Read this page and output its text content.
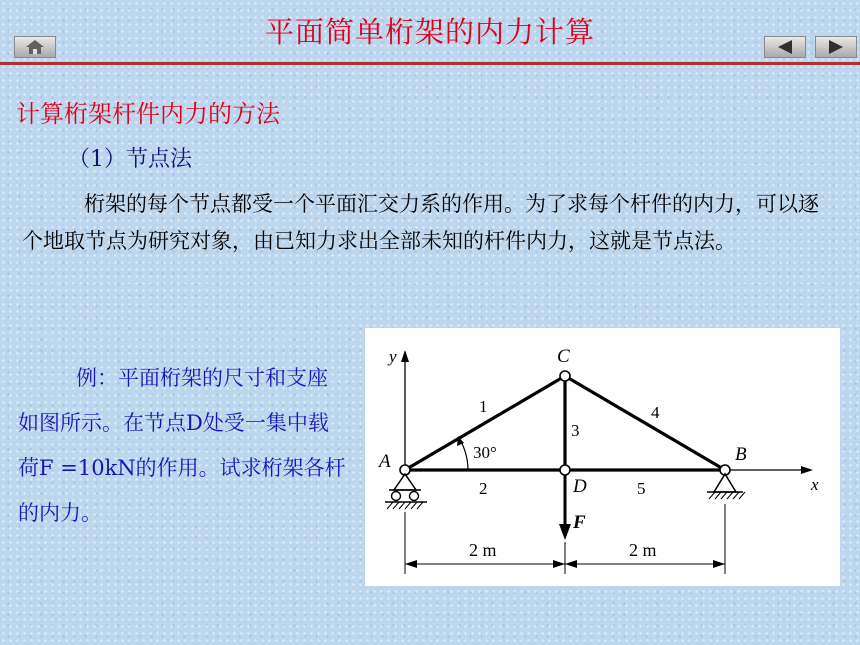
平面简单桁架的内力计算
计算桁架杆件内力的方法
（1）节点法
桁架的每个节点都受一个平面汇交力系的作用。为了求每个杆件的内力，可以逐个地取节点为研究对象，由已知力求出全部未知的杆件内力，这就是节点法。
例：平面桁架的尺寸和支座如图所示。在节点D处受一集中载荷F =10kN的作用。试求桁架各杆的内力。
y
x
30°
1
2
3
4
5
A
C
D
B
F
2 m	2 m
